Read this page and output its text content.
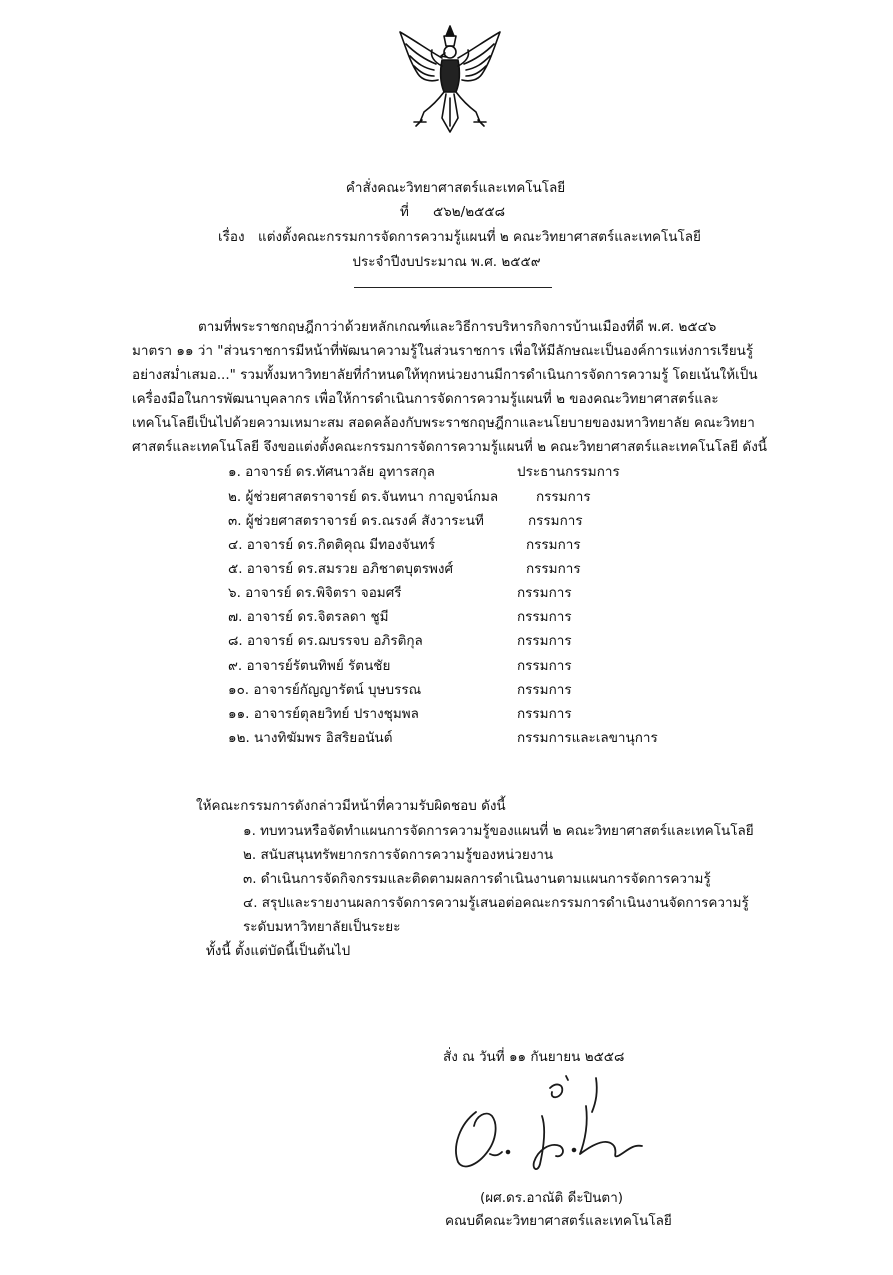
คำสั่งคณะวิทยาศาสตร์และเทคโนโลยี
ที่ ๕๖๒/๒๕๕๘
เรื่อง แต่งตั้งคณะกรรมการจัดการความรู้แผนที่ ๒ คณะวิทยาศาสตร์และเทคโนโลยี
ประจำปีงบประมาณ พ.ศ. ๒๕๕๙
ตามที่พระราชกฤษฎีกาว่าด้วยหลักเกณฑ์และวิธีการบริหารกิจการบ้านเมืองที่ดี พ.ศ. ๒๕๔๖
มาตรา ๑๑ ว่า "ส่วนราชการมีหน้าที่พัฒนาความรู้ในส่วนราชการ เพื่อให้มีลักษณะเป็นองค์การแห่งการเรียนรู้
อย่างสม่ำเสมอ..." รวมทั้งมหาวิทยาลัยที่กำหนดให้ทุกหน่วยงานมีการดำเนินการจัดการความรู้ โดยเน้นให้เป็น
เครื่องมือในการพัฒนาบุคลากร เพื่อให้การดำเนินการจัดการความรู้แผนที่ ๒ ของคณะวิทยาศาสตร์และ
เทคโนโลยีเป็นไปด้วยความเหมาะสม สอดคล้องกับพระราชกฤษฎีกาและนโยบายของมหาวิทยาลัย คณะวิทยา
ศาสตร์และเทคโนโลยี จึงขอแต่งตั้งคณะกรรมการจัดการความรู้แผนที่ ๒ คณะวิทยาศาสตร์และเทคโนโลยี ดังนี้
๑. อาจารย์ ดร.ทัศนาวลัย อุทารสกุล	ประธานกรรมการ
๒. ผู้ช่วยศาสตราจารย์ ดร.จันทนา กาญจน์กมล	กรรมการ
๓. ผู้ช่วยศาสตราจารย์ ดร.ณรงค์ สังวาระนที	กรรมการ
๔. อาจารย์ ดร.กิตติคุณ มีทองจันทร์	กรรมการ
๕. อาจารย์ ดร.สมรวย อภิชาตบุตรพงศ์	กรรมการ
๖. อาจารย์ ดร.พิจิตรา จอมศรี	กรรมการ
๗. อาจารย์ ดร.จิตรลดา ชูมี	กรรมการ
๘. อาจารย์ ดร.ฌบรรจบ อภิรติกุล	กรรมการ
๙. อาจารย์รัตนทิพย์ รัตนชัย	กรรมการ
๑๐. อาจารย์กัญญารัตน์ บุษบรรณ	กรรมการ
๑๑. อาจารย์ตุลยวิทย์ ปรางชุมพล	กรรมการ
๑๒. นางทิฆัมพร อิสริยอนันต์	กรรมการและเลขานุการ
ให้คณะกรรมการดังกล่าวมีหน้าที่ความรับผิดชอบ ดังนี้
๑. ทบทวนหรือจัดทำแผนการจัดการความรู้ของแผนที่ ๒ คณะวิทยาศาสตร์และเทคโนโลยี
๒. สนับสนุนทรัพยากรการจัดการความรู้ของหน่วยงาน
๓. ดำเนินการจัดกิจกรรมและติดตามผลการดำเนินงานตามแผนการจัดการความรู้
๔. สรุปและรายงานผลการจัดการความรู้เสนอต่อคณะกรรมการดำเนินงานจัดการความรู้
ระดับมหาวิทยาลัยเป็นระยะ
ทั้งนี้ ตั้งแต่บัดนี้เป็นต้นไป
สั่ง ณ วันที่ ๑๑ กันยายน ๒๕๕๘
(ผศ.ดร.อาณัติ ดีะปินตา)
คณบดีคณะวิทยาศาสตร์และเทคโนโลยี
